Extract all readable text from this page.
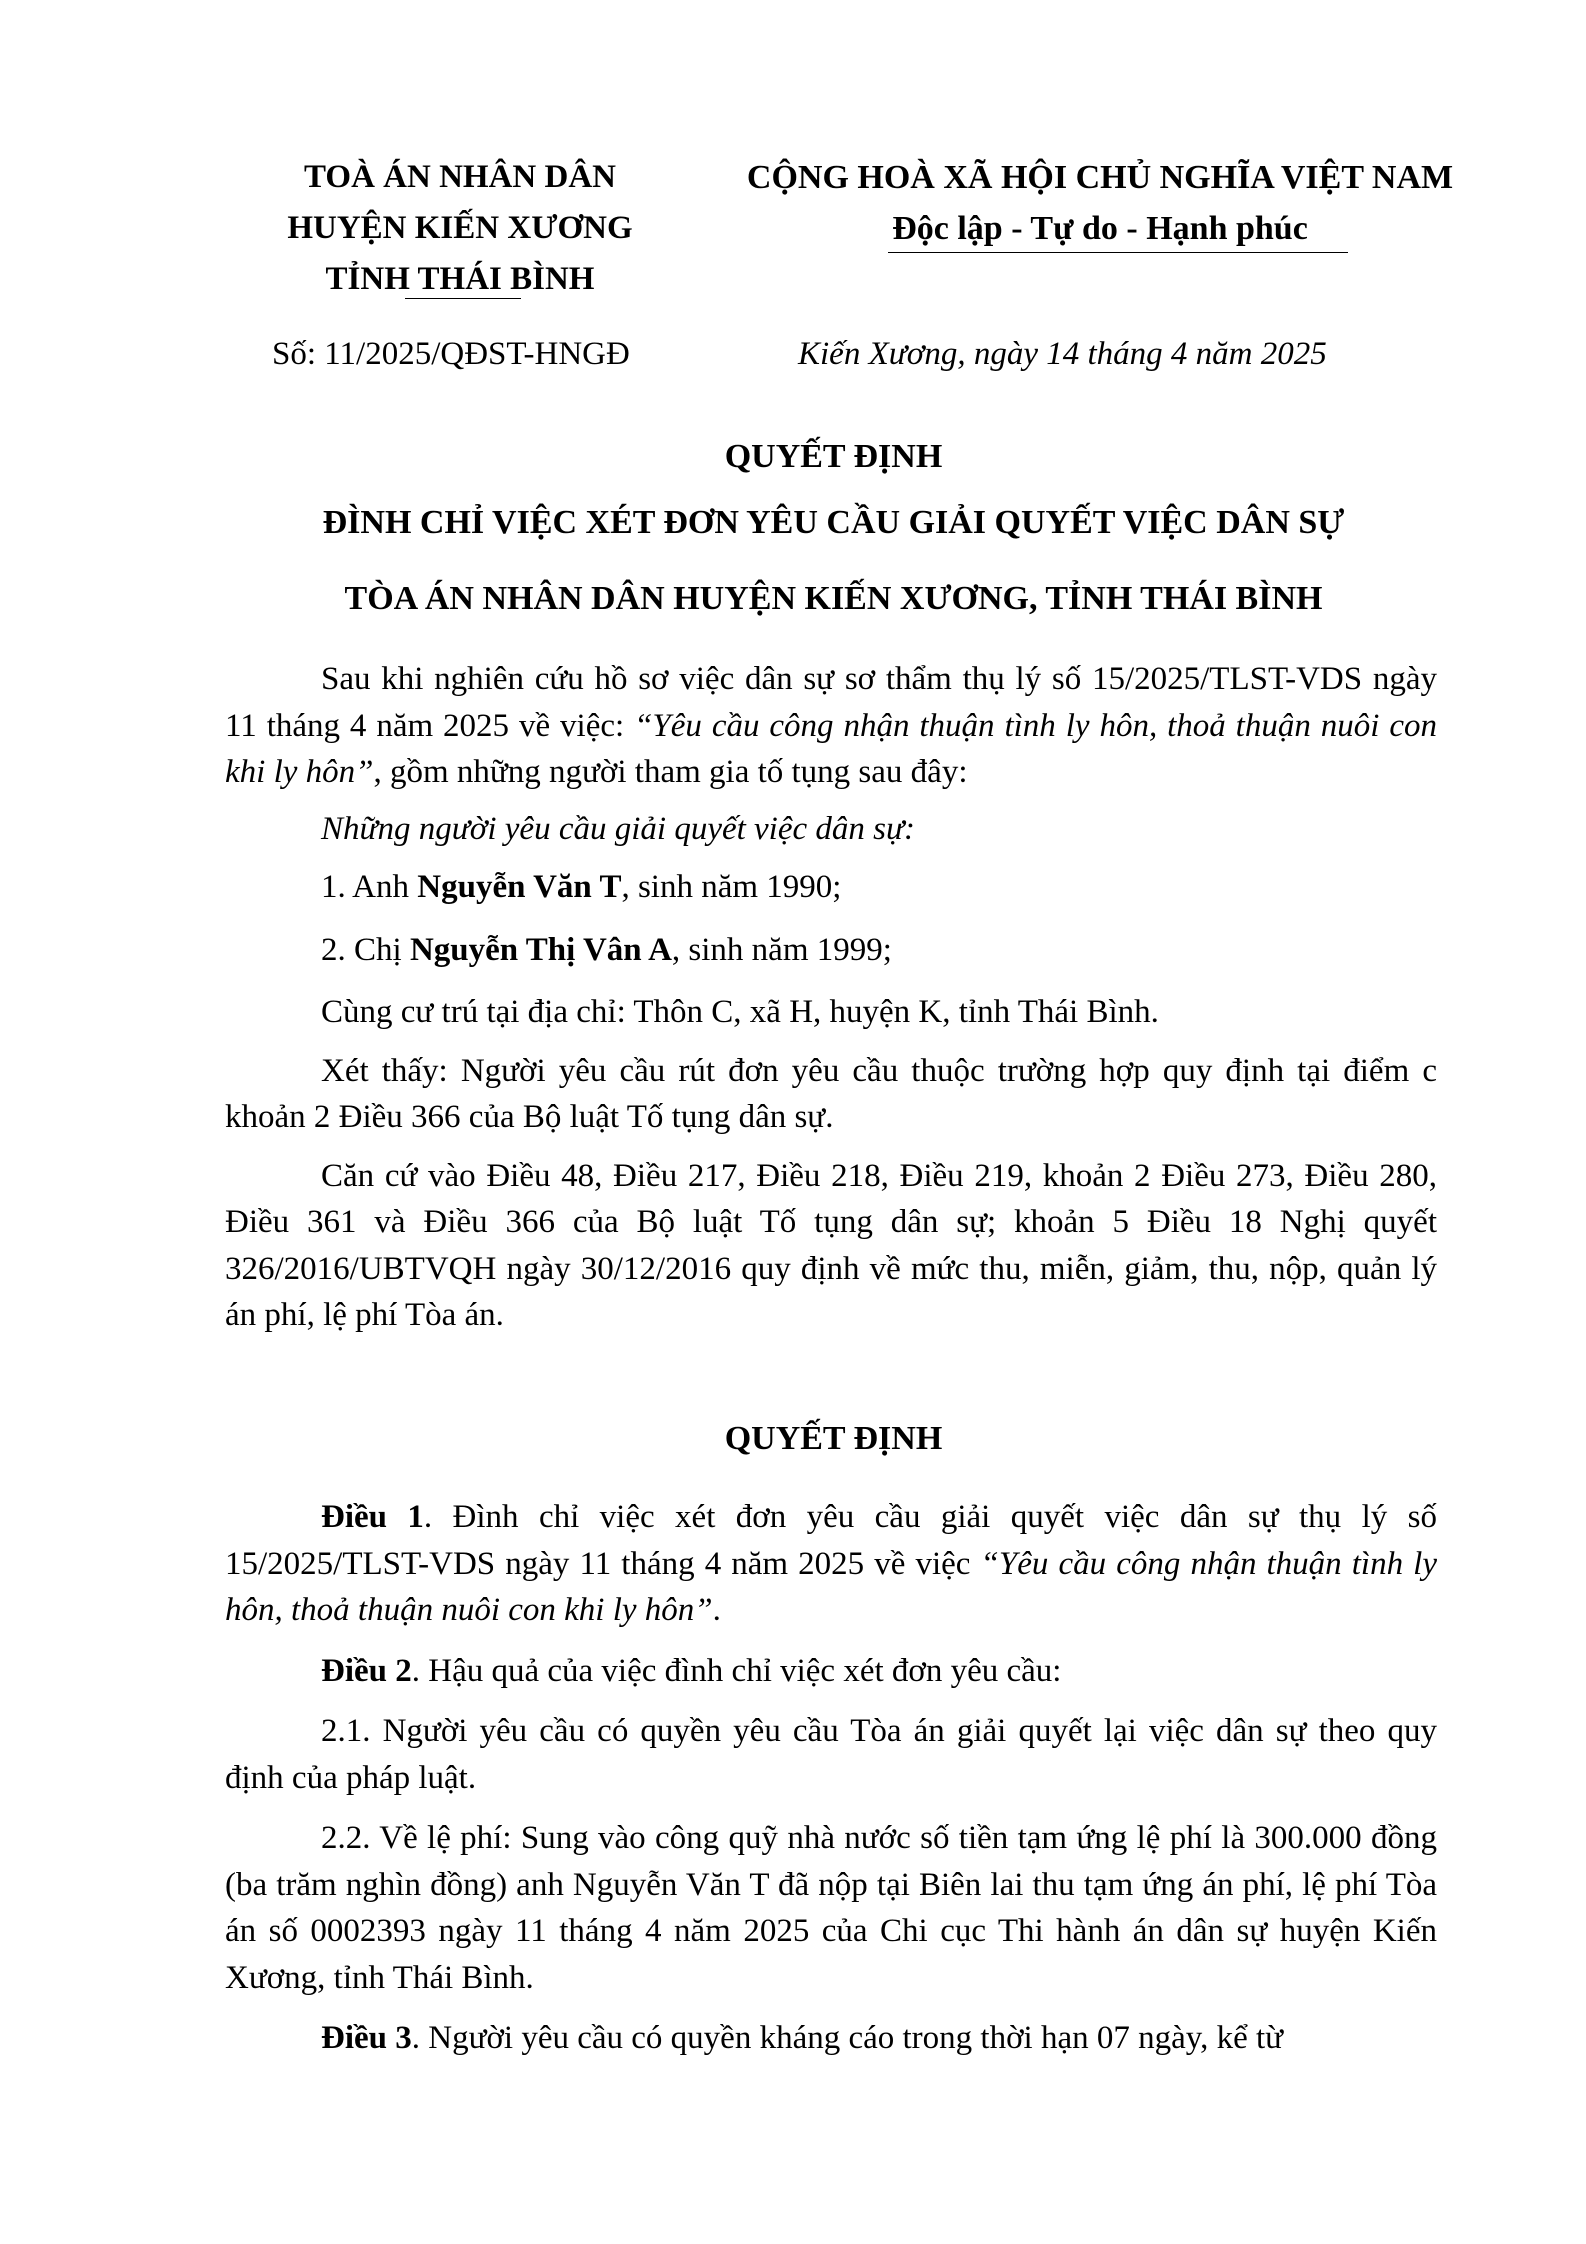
TOÀ ÁN NHÂN DÂN
HUYỆN KIẾN XƯƠNG
TỈNH THÁI BÌNH
CỘNG HOÀ XÃ HỘI CHỦ NGHĨA VIỆT NAM
Độc lập - Tự do - Hạnh phúc
Số: 11/2025/QĐST-HNGĐ	Kiến Xương, ngày 14 tháng 4 năm 2025
QUYẾT ĐỊNH
ĐÌNH CHỈ VIỆC XÉT ĐƠN YÊU CẦU GIẢI QUYẾT VIỆC DÂN SỰ
TÒA ÁN NHÂN DÂN HUYỆN KIẾN XƯƠNG, TỈNH THÁI BÌNH

Sau khi nghiên cứu hồ sơ việc dân sự sơ thẩm thụ lý số 15/2025/TLST-VDS ngày 11 tháng 4 năm 2025 về việc: “Yêu cầu công nhận thuận tình ly hôn, thoả thuận nuôi con khi ly hôn”, gồm những người tham gia tố tụng sau đây:

Những người yêu cầu giải quyết việc dân sự:

1. Anh Nguyễn Văn T, sinh năm 1990;

2. Chị Nguyễn Thị Vân A, sinh năm 1999;

Cùng cư trú tại địa chỉ: Thôn C, xã H, huyện K, tỉnh Thái Bình.

Xét thấy: Người yêu cầu rút đơn yêu cầu thuộc trường hợp quy định tại điểm c khoản 2 Điều 366 của Bộ luật Tố tụng dân sự.

Căn cứ vào Điều 48, Điều 217, Điều 218, Điều 219, khoản 2 Điều 273, Điều 280, Điều 361 và Điều 366 của Bộ luật Tố tụng dân sự; khoản 5 Điều 18 Nghị quyết 326/2016/UBTVQH ngày 30/12/2016 quy định về mức thu, miễn, giảm, thu, nộp, quản lý án phí, lệ phí Tòa án.

QUYẾT ĐỊNH

Điều 1. Đình chỉ việc xét đơn yêu cầu giải quyết việc dân sự thụ lý số 15/2025/TLST-VDS ngày 11 tháng 4 năm 2025 về việc “Yêu cầu công nhận thuận tình ly hôn, thoả thuận nuôi con khi ly hôn”.

Điều 2. Hậu quả của việc đình chỉ việc xét đơn yêu cầu:

2.1. Người yêu cầu có quyền yêu cầu Tòa án giải quyết lại việc dân sự theo quy định của pháp luật.

2.2. Về lệ phí: Sung vào công quỹ nhà nước số tiền tạm ứng lệ phí là 300.000 đồng (ba trăm nghìn đồng) anh Nguyễn Văn T đã nộp tại Biên lai thu tạm ứng án phí, lệ phí Tòa án số 0002393 ngày 11 tháng 4 năm 2025 của Chi cục Thi hành án dân sự huyện Kiến Xương, tỉnh Thái Bình.

Điều 3. Người yêu cầu có quyền kháng cáo trong thời hạn 07 ngày, kể từ
